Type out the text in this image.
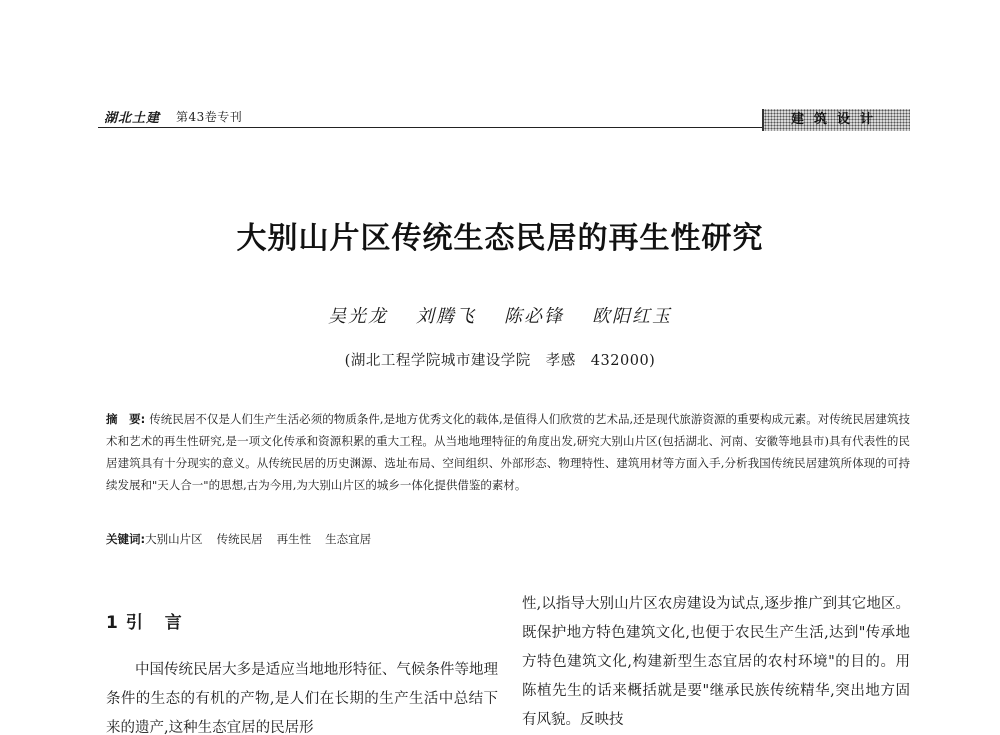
湖北土建 第43卷专刊	建筑设计
大别山片区传统生态民居的再生性研究
吴光龙 刘腾飞 陈必锋 欧阳红玉
(湖北工程学院城市建设学院　孝感　432000)

摘　要: 传统民居不仅是人们生产生活必须的物质条件,是地方优秀文化的载体,是值得人们欣赏的艺术品,还是现代旅游资源的重要构成元素。对传统民居建筑技术和艺术的再生性研究,是一项文化传承和资源积累的重大工程。从当地地理特征的角度出发,研究大别山片区(包括湖北、河南、安徽等地县市)具有代表性的民居建筑具有十分现实的意义。从传统民居的历史渊源、选址布局、空间组织、外部形态、物理特性、建筑用材等方面入手,分析我国传统民居建筑所体现的可持续发展和"天人合一"的思想,古为今用,为大别山片区的城乡一体化提供借鉴的素材。

关键词:大别山片区 传统民居 再生性 生态宜居
1 引 言

中国传统民居大多是适应当地地形特征、气候条件等地理条件的生态的有机的产物,是人们在长期的生产生活中总结下来的遗产,这种生态宜居的民居形

性,以指导大别山片区农房建设为试点,逐步推广到其它地区。既保护地方特色建筑文化,也便于农民生产生活,达到"传承地方特色建筑文化,构建新型生态宜居的农村环境"的目的。用陈植先生的话来概括就是要"继承民族传统精华,突出地方固有风貌。反映技
